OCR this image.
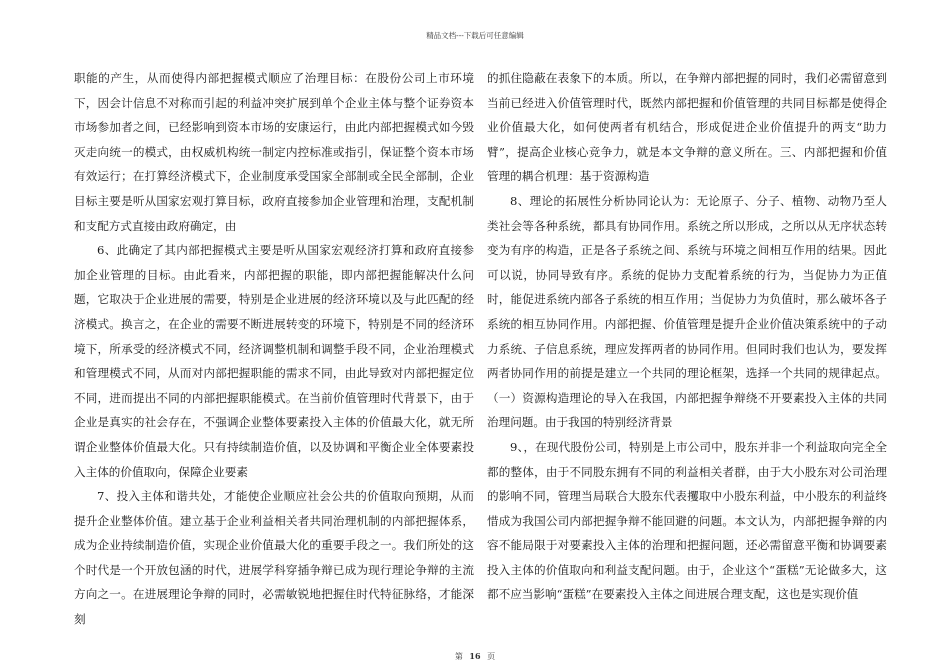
精品文档---下载后可任意编辑

职能的产生，从而使得内部把握模式顺应了治理目标：在股份公司上市环境下，因会计信息不对称而引起的利益冲突扩展到单个企业主体与整个证券资本市场参加者之间，已经影响到资本市场的安康运行，由此内部把握模式如今毁灭走向统一的模式，由权威机构统一制定内控标准或指引，保证整个资本市场有效运行；在打算经济模式下，企业制度承受国家全部制或全民全部制，企业目标主要是听从国家宏观打算目标，政府直接参加企业管理和治理，支配机制和支配方式直接由政府确定，由

6、此确定了其内部把握模式主要是听从国家宏观经济打算和政府直接参加企业管理的目标。由此看来，内部把握的职能，即内部把握能解决什么问题，它取决于企业进展的需要，特别是企业进展的经济环境以及与此匹配的经济模式。换言之，在企业的需要不断进展转变的环境下，特别是不同的经济环境下，所承受的经济模式不同，经济调整机制和调整手段不同，企业治理模式和管理模式不同，从而对内部把握职能的需求不同，由此导致对内部把握定位不同，进而提出不同的内部把握职能模式。在当前价值管理时代背景下，由于企业是真实的社会存在，不强调企业整体要素投入主体的价值最大化，就无所谓企业整体价值最大化。只有持续制造价值，以及协调和平衡企业全体要素投入主体的价值取向，保障企业要素

7、投入主体和谐共处，才能使企业顺应社会公共的价值取向预期，从而提升企业整体价值。建立基于企业利益相关者共同治理机制的内部把握体系，成为企业持续制造价值，实现企业价值最大化的重要手段之一。我们所处的这个时代是一个开放包涵的时代，进展学科穿插争辩已成为现行理论争辩的主流方向之一。在进展理论争辩的同时，必需敏锐地把握住时代特征脉络，才能深刻

的抓住隐蔽在表象下的本质。所以，在争辩内部把握的同时，我们必需留意到当前已经进入价值管理时代，既然内部把握和价值管理的共同目标都是使得企业价值最大化，如何使两者有机结合，形成促进企业价值提升的两支“助力臂”，提高企业核心竞争力，就是本文争辩的意义所在。三、内部把握和价值管理的耦合机理：基于资源构造

8、理论的拓展性分析协同论认为：无论原子、分子、植物、动物乃至人类社会等各种系统，都具有协同作用。系统之所以形成，之所以从无序状态转变为有序的构造，正是各子系统之间、系统与环境之间相互作用的结果。因此可以说，协同导致有序。系统的促协力支配着系统的行为，当促协力为正值时，能促进系统内部各子系统的相互作用；当促协力为负值时，那么破坏各子系统的相互协同作用。内部把握、价值管理是提升企业价值决策系统中的子动力系统、子信息系统，理应发挥两者的协同作用。但同时我们也认为，要发挥两者协同作用的前提是建立一个共同的理论框架，选择一个共同的规律起点。（一）资源构造理论的导入在我国，内部把握争辩绕不开要素投入主体的共同治理问题。由于我国的特别经济背景

9、，在现代股份公司，特别是上市公司中，股东并非一个利益取向完全全都的整体，由于不同股东拥有不同的利益相关者群，由于大小股东对公司治理的影响不同，管理当局联合大股东代表攫取中小股东利益，中小股东的利益终惜成为我国公司内部把握争辩不能回避的问题。本文认为，内部把握争辩的内容不能局限于对要素投入主体的治理和把握问题，还必需留意平衡和协调要素投入主体的价值取向和利益支配问题。由于，企业这个“蛋糕”无论做多大，这都不应当影响“蛋糕”在要素投入主体之间进展合理支配，这也是实现价值

第 16 页
